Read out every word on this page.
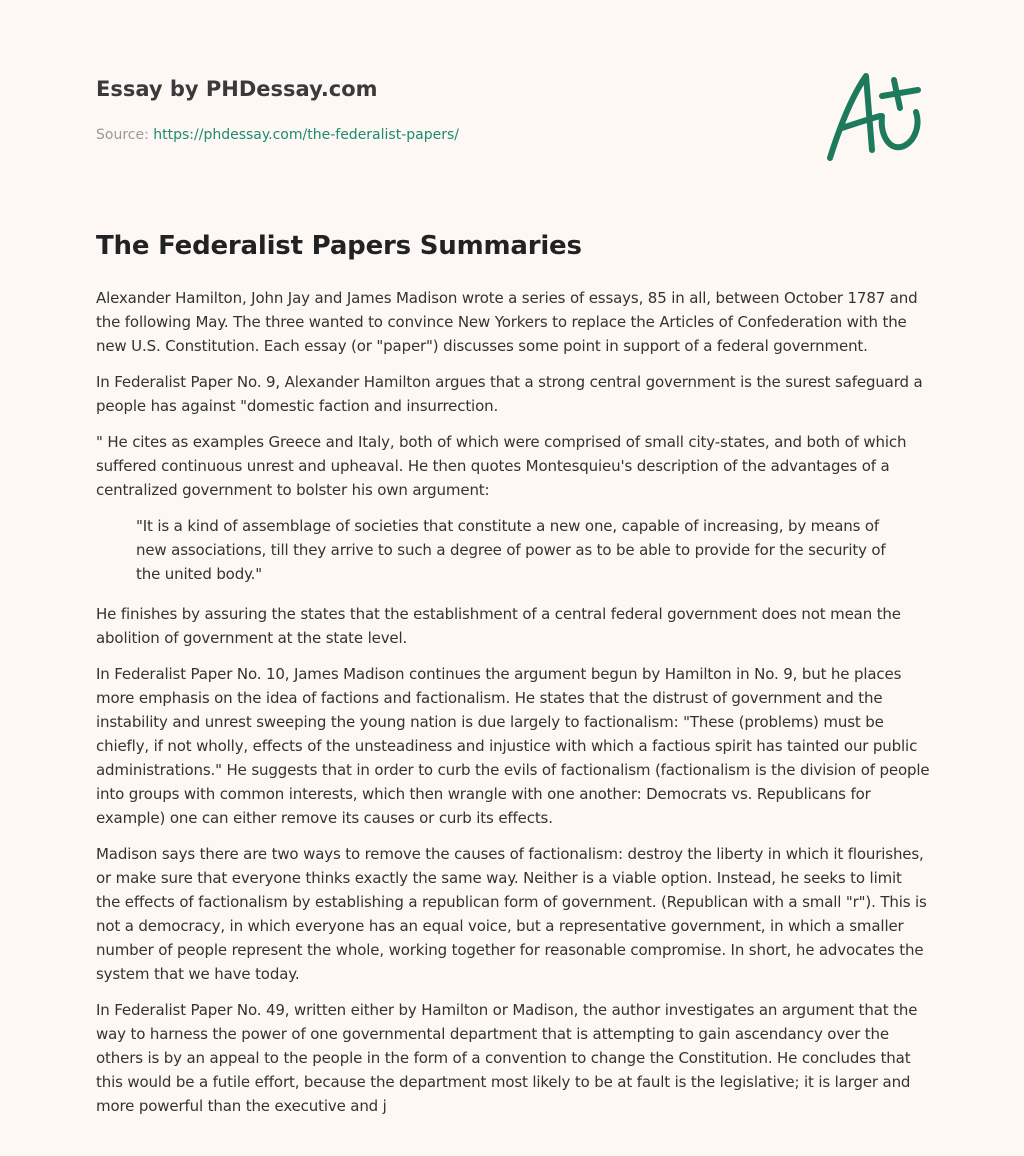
Essay by PHDessay.com
Source: https://phdessay.com/the-federalist-papers/
The Federalist Papers Summaries

Alexander Hamilton, John Jay and James Madison wrote a series of essays, 85 in all, between October 1787 and the following May. The three wanted to convince New Yorkers to replace the Articles of Confederation with the new U.S. Constitution. Each essay (or "paper") discusses some point in support of a federal government.

In Federalist Paper No. 9, Alexander Hamilton argues that a strong central government is the surest safeguard a people has against "domestic faction and insurrection.

" He cites as examples Greece and Italy, both of which were comprised of small city-states, and both of which suffered continuous unrest and upheaval. He then quotes Montesquieu's description of the advantages of a centralized government to bolster his own argument:

"It is a kind of assemblage of societies that constitute a new one, capable of increasing, by means of new associations, till they arrive to such a degree of power as to be able to provide for the security of the united body."

He finishes by assuring the states that the establishment of a central federal government does not mean the abolition of government at the state level.

In Federalist Paper No. 10, James Madison continues the argument begun by Hamilton in No. 9, but he places more emphasis on the idea of factions and factionalism. He states that the distrust of government and the instability and unrest sweeping the young nation is due largely to factionalism: "These (problems) must be chiefly, if not wholly, effects of the unsteadiness and injustice with which a factious spirit has tainted our public administrations." He suggests that in order to curb the evils of factionalism (factionalism is the division of people into groups with common interests, which then wrangle with one another: Democrats vs. Republicans for example) one can either remove its causes or curb its effects.

Madison says there are two ways to remove the causes of factionalism: destroy the liberty in which it flourishes, or make sure that everyone thinks exactly the same way. Neither is a viable option. Instead, he seeks to limit the effects of factionalism by establishing a republican form of government. (Republican with a small "r"). This is not a democracy, in which everyone has an equal voice, but a representative government, in which a smaller number of people represent the whole, working together for reasonable compromise. In short, he advocates the system that we have today.

In Federalist Paper No. 49, written either by Hamilton or Madison, the author investigates an argument that the way to harness the power of one governmental department that is attempting to gain ascendancy over the others is by an appeal to the people in the form of a convention to change the Constitution. He concludes that this would be a futile effort, because the department most likely to be at fault is the legislative; it is larger and more powerful than the executive and j
